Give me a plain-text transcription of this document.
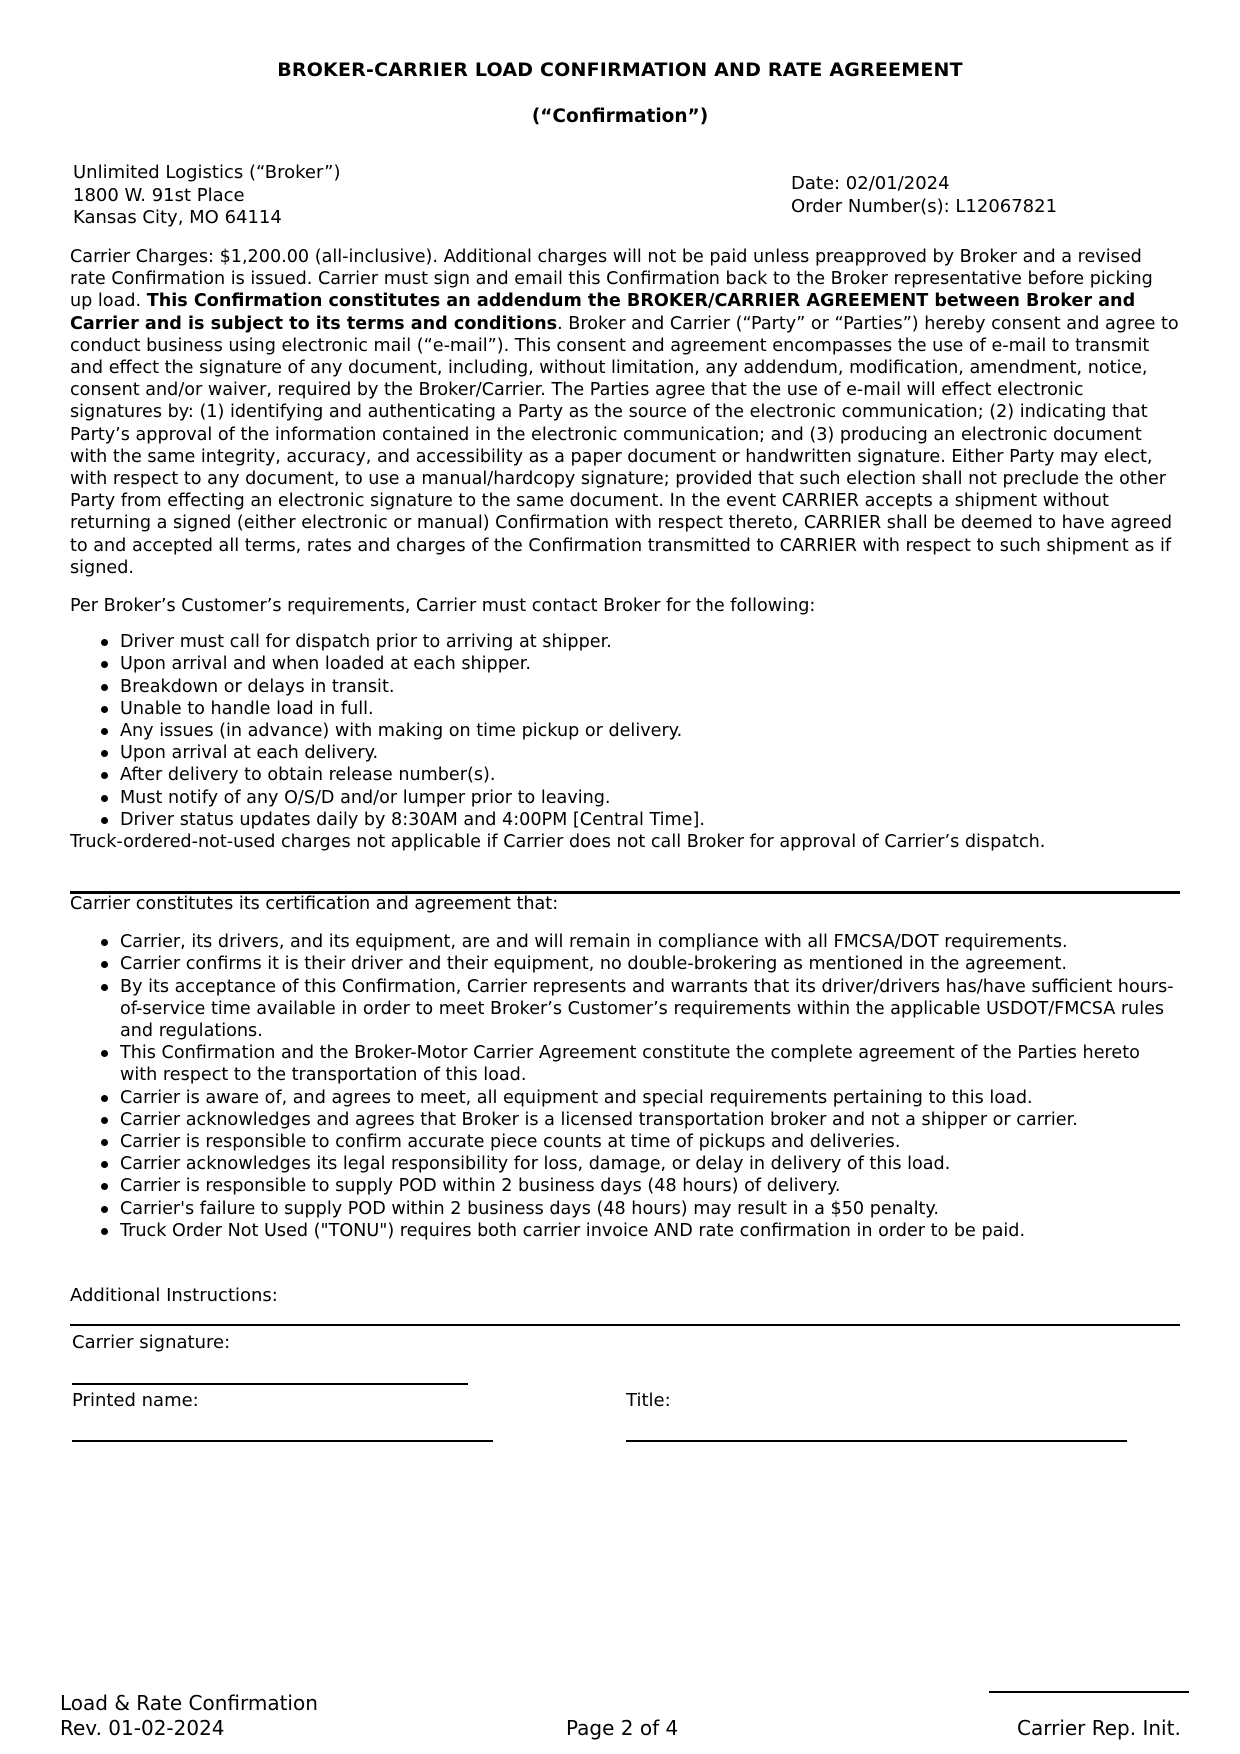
BROKER-CARRIER LOAD CONFIRMATION AND RATE AGREEMENT
(“Confirmation”)
Unlimited Logistics (“Broker”)
1800 W. 91st Place
Kansas City, MO 64114
Date: 02/01/2024
Order Number(s): L12067821

Carrier Charges: $1,200.00 (all-inclusive). Additional charges will not be paid unless preapproved by Broker and a revised rate Confirmation is issued. Carrier must sign and email this Confirmation back to the Broker representative before picking up load. This Confirmation constitutes an addendum the BROKER/CARRIER AGREEMENT between Broker and Carrier and is subject to its terms and conditions. Broker and Carrier (“Party” or “Parties”) hereby consent and agree to conduct business using electronic mail (“e-mail”). This consent and agreement encompasses the use of e-mail to transmit and effect the signature of any document, including, without limitation, any addendum, modification, amendment, notice, consent and/or waiver, required by the Broker/Carrier. The Parties agree that the use of e-mail will effect electronic signatures by: (1) identifying and authenticating a Party as the source of the electronic communication; (2) indicating that Party’s approval of the information contained in the electronic communication; and (3) producing an electronic document with the same integrity, accuracy, and accessibility as a paper document or handwritten signature. Either Party may elect, with respect to any document, to use a manual/hardcopy signature; provided that such election shall not preclude the other Party from effecting an electronic signature to the same document. In the event CARRIER accepts a shipment without returning a signed (either electronic or manual) Confirmation with respect thereto, CARRIER shall be deemed to have agreed to and accepted all terms, rates and charges of the Confirmation transmitted to CARRIER with respect to such shipment as if signed.

Per Broker’s Customer’s requirements, Carrier must contact Broker for the following:

Driver must call for dispatch prior to arriving at shipper.
Upon arrival and when loaded at each shipper.
Breakdown or delays in transit.
Unable to handle load in full.
Any issues (in advance) with making on time pickup or delivery.
Upon arrival at each delivery.
After delivery to obtain release number(s).
Must notify of any O/S/D and/or lumper prior to leaving.
Driver status updates daily by 8:30AM and 4:00PM [Central Time].
Truck-ordered-not-used charges not applicable if Carrier does not call Broker for approval of Carrier’s dispatch.
Carrier constitutes its certification and agreement that:
Carrier, its drivers, and its equipment, are and will remain in compliance with all FMCSA/DOT requirements.
Carrier confirms it is their driver and their equipment, no double-brokering as mentioned in the agreement.
By its acceptance of this Confirmation, Carrier represents and warrants that its driver/drivers has/have sufficient hours-of-service time available in order to meet Broker’s Customer’s requirements within the applicable USDOT/FMCSA rules and regulations.
This Confirmation and the Broker-Motor Carrier Agreement constitute the complete agreement of the Parties hereto with respect to the transportation of this load.
Carrier is aware of, and agrees to meet, all equipment and special requirements pertaining to this load.
Carrier acknowledges and agrees that Broker is a licensed transportation broker and not a shipper or carrier.
Carrier is responsible to confirm accurate piece counts at time of pickups and deliveries.
Carrier acknowledges its legal responsibility for loss, damage, or delay in delivery of this load.
Carrier is responsible to supply POD within 2 business days (48 hours) of delivery.
Carrier's failure to supply POD within 2 business days (48 hours) may result in a $50 penalty.
Truck Order Not Used ("TONU") requires both carrier invoice AND rate confirmation in order to be paid.
Additional Instructions:
Carrier signature:
Printed name:	Title:
Load & Rate Confirmation
Rev. 01-02-2024	Page 2 of 4	Carrier Rep. Init.
